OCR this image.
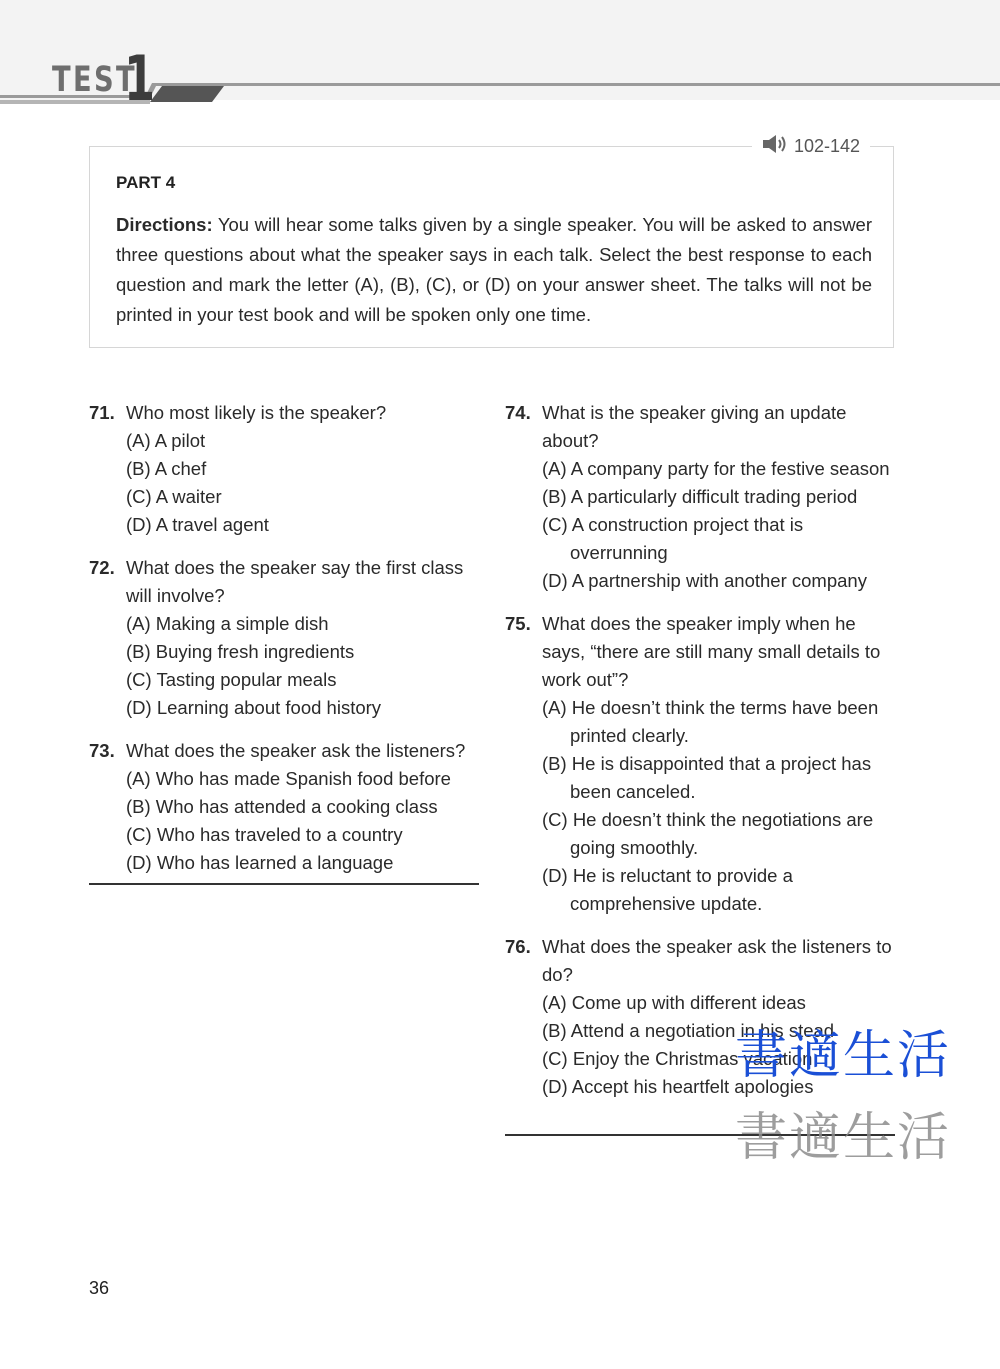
TEST
1
102-142
PART 4
Directions: You will hear some talks given by a single speaker. You will be asked to answer three questions about what the speaker says in each talk. Select the best response to each question and mark the letter (A), (B), (C), or (D) on your answer sheet. The talks will not be printed in your test book and will be spoken only one time.
71. Who most likely is the speaker?
(A) A pilot
(B) A chef
(C) A waiter
(D) A travel agent
72. What does the speaker say the first class will involve?
(A) Making a simple dish
(B) Buying fresh ingredients
(C) Tasting popular meals
(D) Learning about food history
73. What does the speaker ask the listeners?
(A) Who has made Spanish food before
(B) Who has attended a cooking class
(C) Who has traveled to a country
(D) Who has learned a language
74. What is the speaker giving an update about?
(A) A company party for the festive season
(B) A particularly difficult trading period
(C) A construction project that is overrunning
(D) A partnership with another company
75. What does the speaker imply when he says, “there are still many small details to work out”?
(A) He doesn’t think the terms have been printed clearly.
(B) He is disappointed that a project has been canceled.
(C) He doesn’t think the negotiations are going smoothly.
(D) He is reluctant to provide a comprehensive update.
76. What does the speaker ask the listeners to do?
(A) Come up with different ideas
(B) Attend a negotiation in his stead
(C) Enjoy the Christmas vacation
(D) Accept his heartfelt apologies
書適生活
書適生活
36
